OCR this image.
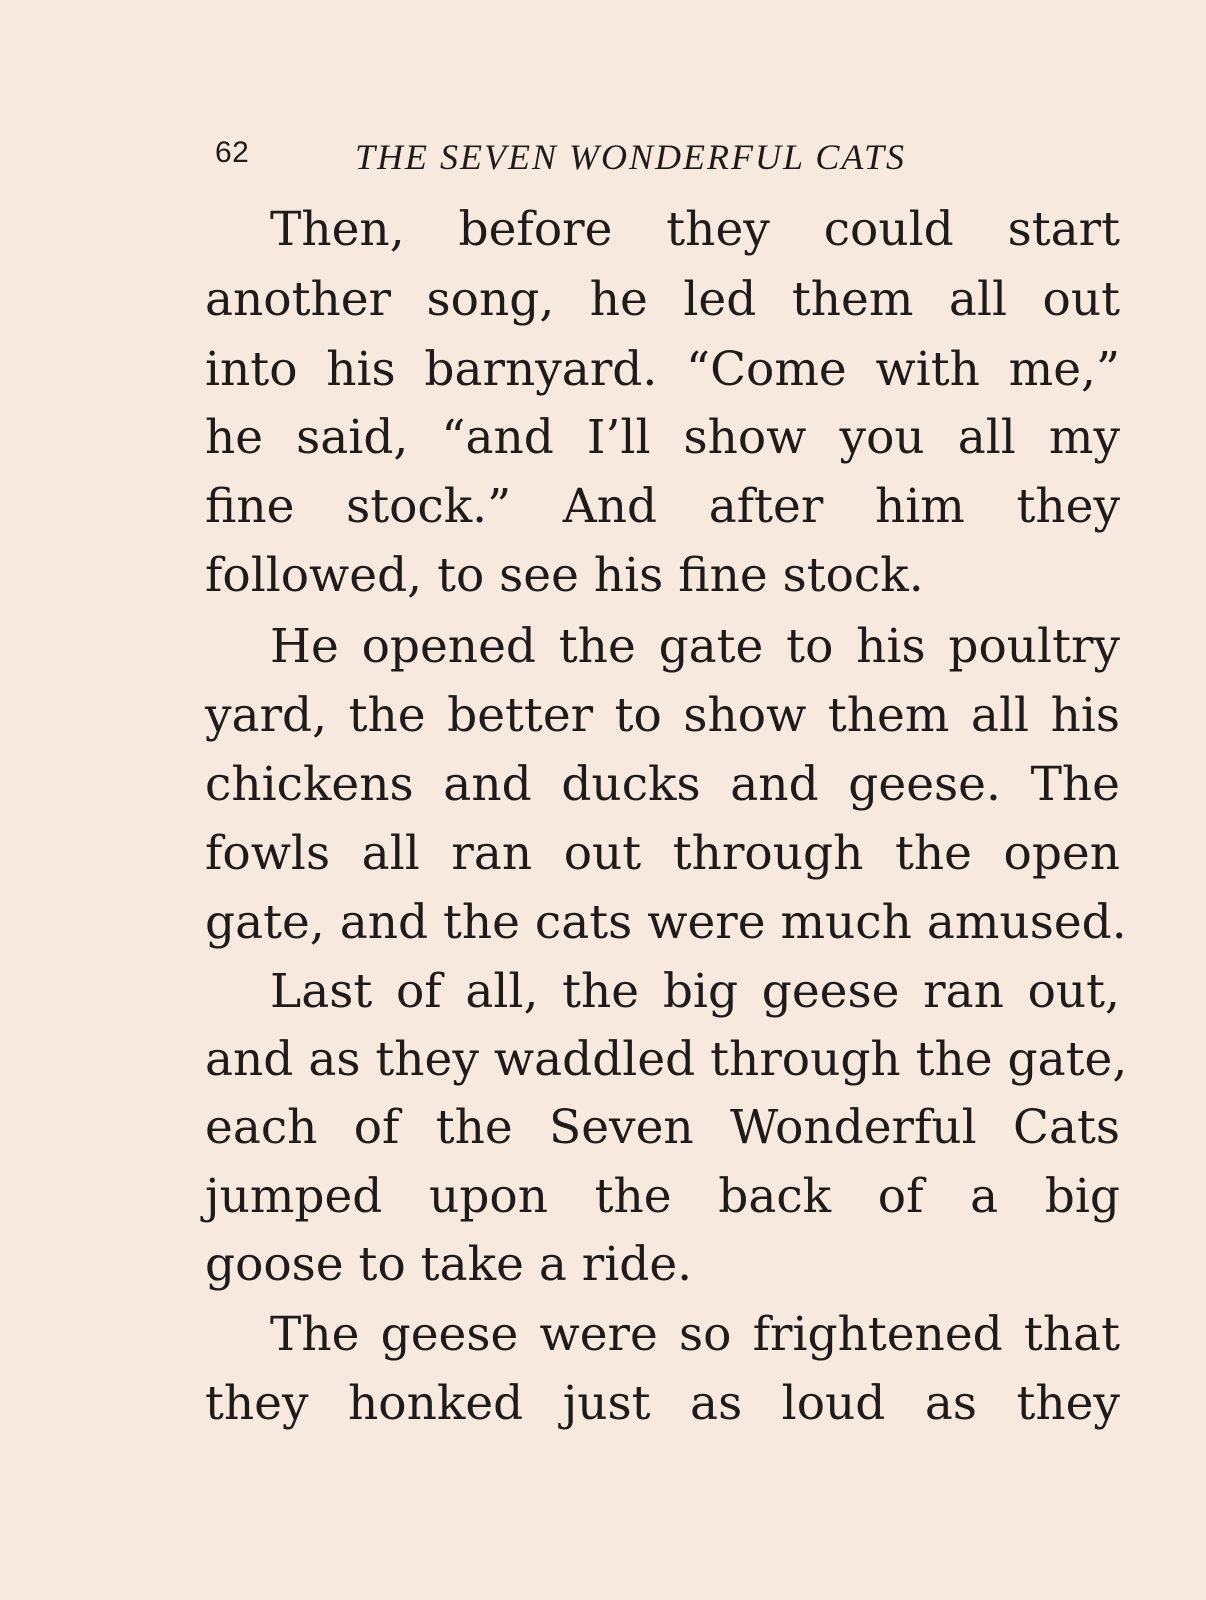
62	THE SEVEN WONDERFUL CATS
Then, before they could start
another song, he led them all out
into his barnyard. “Come with me,”
he said, “and I’ll show you all my
fine stock.” And after him they
followed, to see his fine stock.
He opened the gate to his poultry
yard, the better to show them all his
chickens and ducks and geese. The
fowls all ran out through the open
gate, and the cats were much amused.
Last of all, the big geese ran out,
and as they waddled through the gate,
each of the Seven Wonderful Cats
jumped upon the back of a big
goose to take a ride.
The geese were so frightened that
they honked just as loud as they
